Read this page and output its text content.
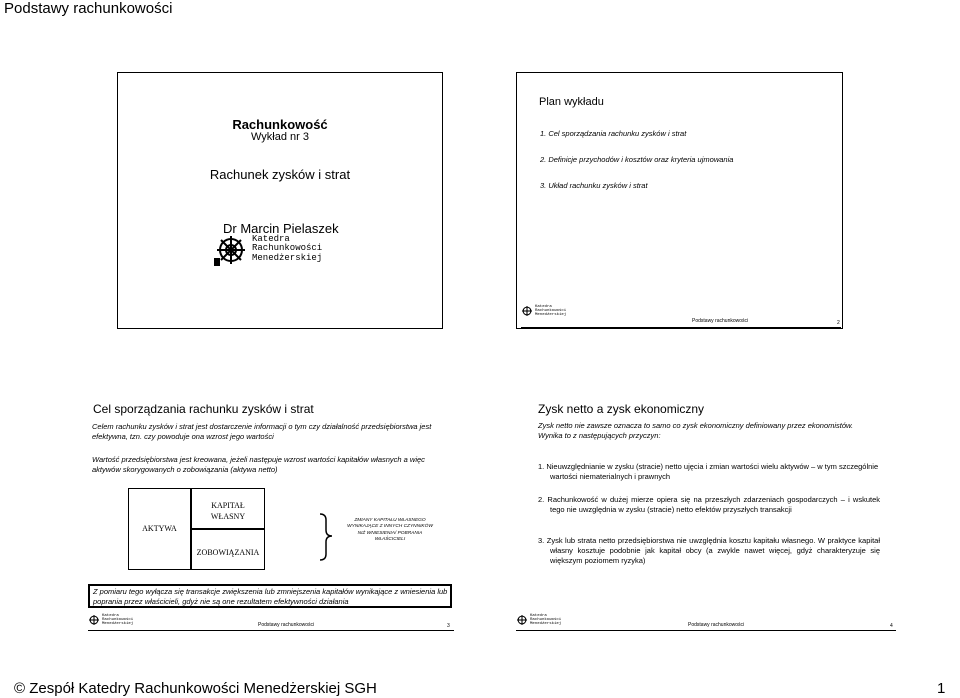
Podstawy rachunkowości
Rachunkowość
Wykład nr 3
Rachunek zysków i strat
Dr Marcin Pielaszek
Katedra
Rachunkowości
Menedżerskiej
Plan wykładu
1. Cel sporządzania rachunku zysków i strat
2. Definicje przychodów i kosztów oraz kryteria ujmowania
3. Układ rachunku zysków i strat
Katedra
Rachunkowości
Menedżerskiej
Podstawy rachunkowości	2
Cel sporządzania rachunku zysków i strat
Celem rachunku zysków i strat jest dostarczenie informacji o tym czy działalność przedsiębiorstwa jest efektywna, tzn. czy powoduje ona wzrost jego wartości
Wartość przedsiębiorstwa jest kreowana, jeżeli następuje wzrost wartości kapitałów własnych a więc aktywów skorygowanych o zobowiązania (aktywa netto)
AKTYWA
KAPITAŁ
WŁASNY
ZOBOWIĄZANIA
ZMIANY KAPITAŁU WŁASNEGO WYNIKAJĄCE Z INNYCH CZYNNIKÓW NIŻ WNIESIENIA/ POBRANIA WŁAŚCICIELI
Z pomiaru tego wyłącza się transakcje zwiększenia lub zmniejszenia kapitałów wynikające z wniesienia lub poprania przez właścicieli, gdyż nie są one rezultatem efektywności działania
Katedra
Rachunkowości
Menedżerskiej	Podstawy rachunkowości	3
Zysk netto a zysk ekonomiczny
Zysk netto nie zawsze oznacza to samo co zysk ekonomiczny definiowany przez ekonomistów. Wynika to z następujących przyczyn:
1. Nieuwzględnianie w zysku (stracie) netto ujęcia i zmian wartości wielu aktywów – w tym szczególnie wartości niematerialnych i prawnych
2. Rachunkowość w dużej mierze opiera się na przeszłych zdarzeniach gospodarczych – i wskutek tego nie uwzględnia w zysku (stracie) netto efektów przyszłych transakcji
3. Zysk lub strata netto przedsiębiorstwa nie uwzględnia kosztu kapitału własnego. W praktyce kapitał własny kosztuje podobnie jak kapitał obcy (a zwykle nawet więcej, gdyż charakteryzuje się większym poziomem ryzyka)
Katedra
Rachunkowości
Menedżerskiej	Podstawy rachunkowości	4
© Zespół Katedry Rachunkowości Menedżerskiej SGH	1
